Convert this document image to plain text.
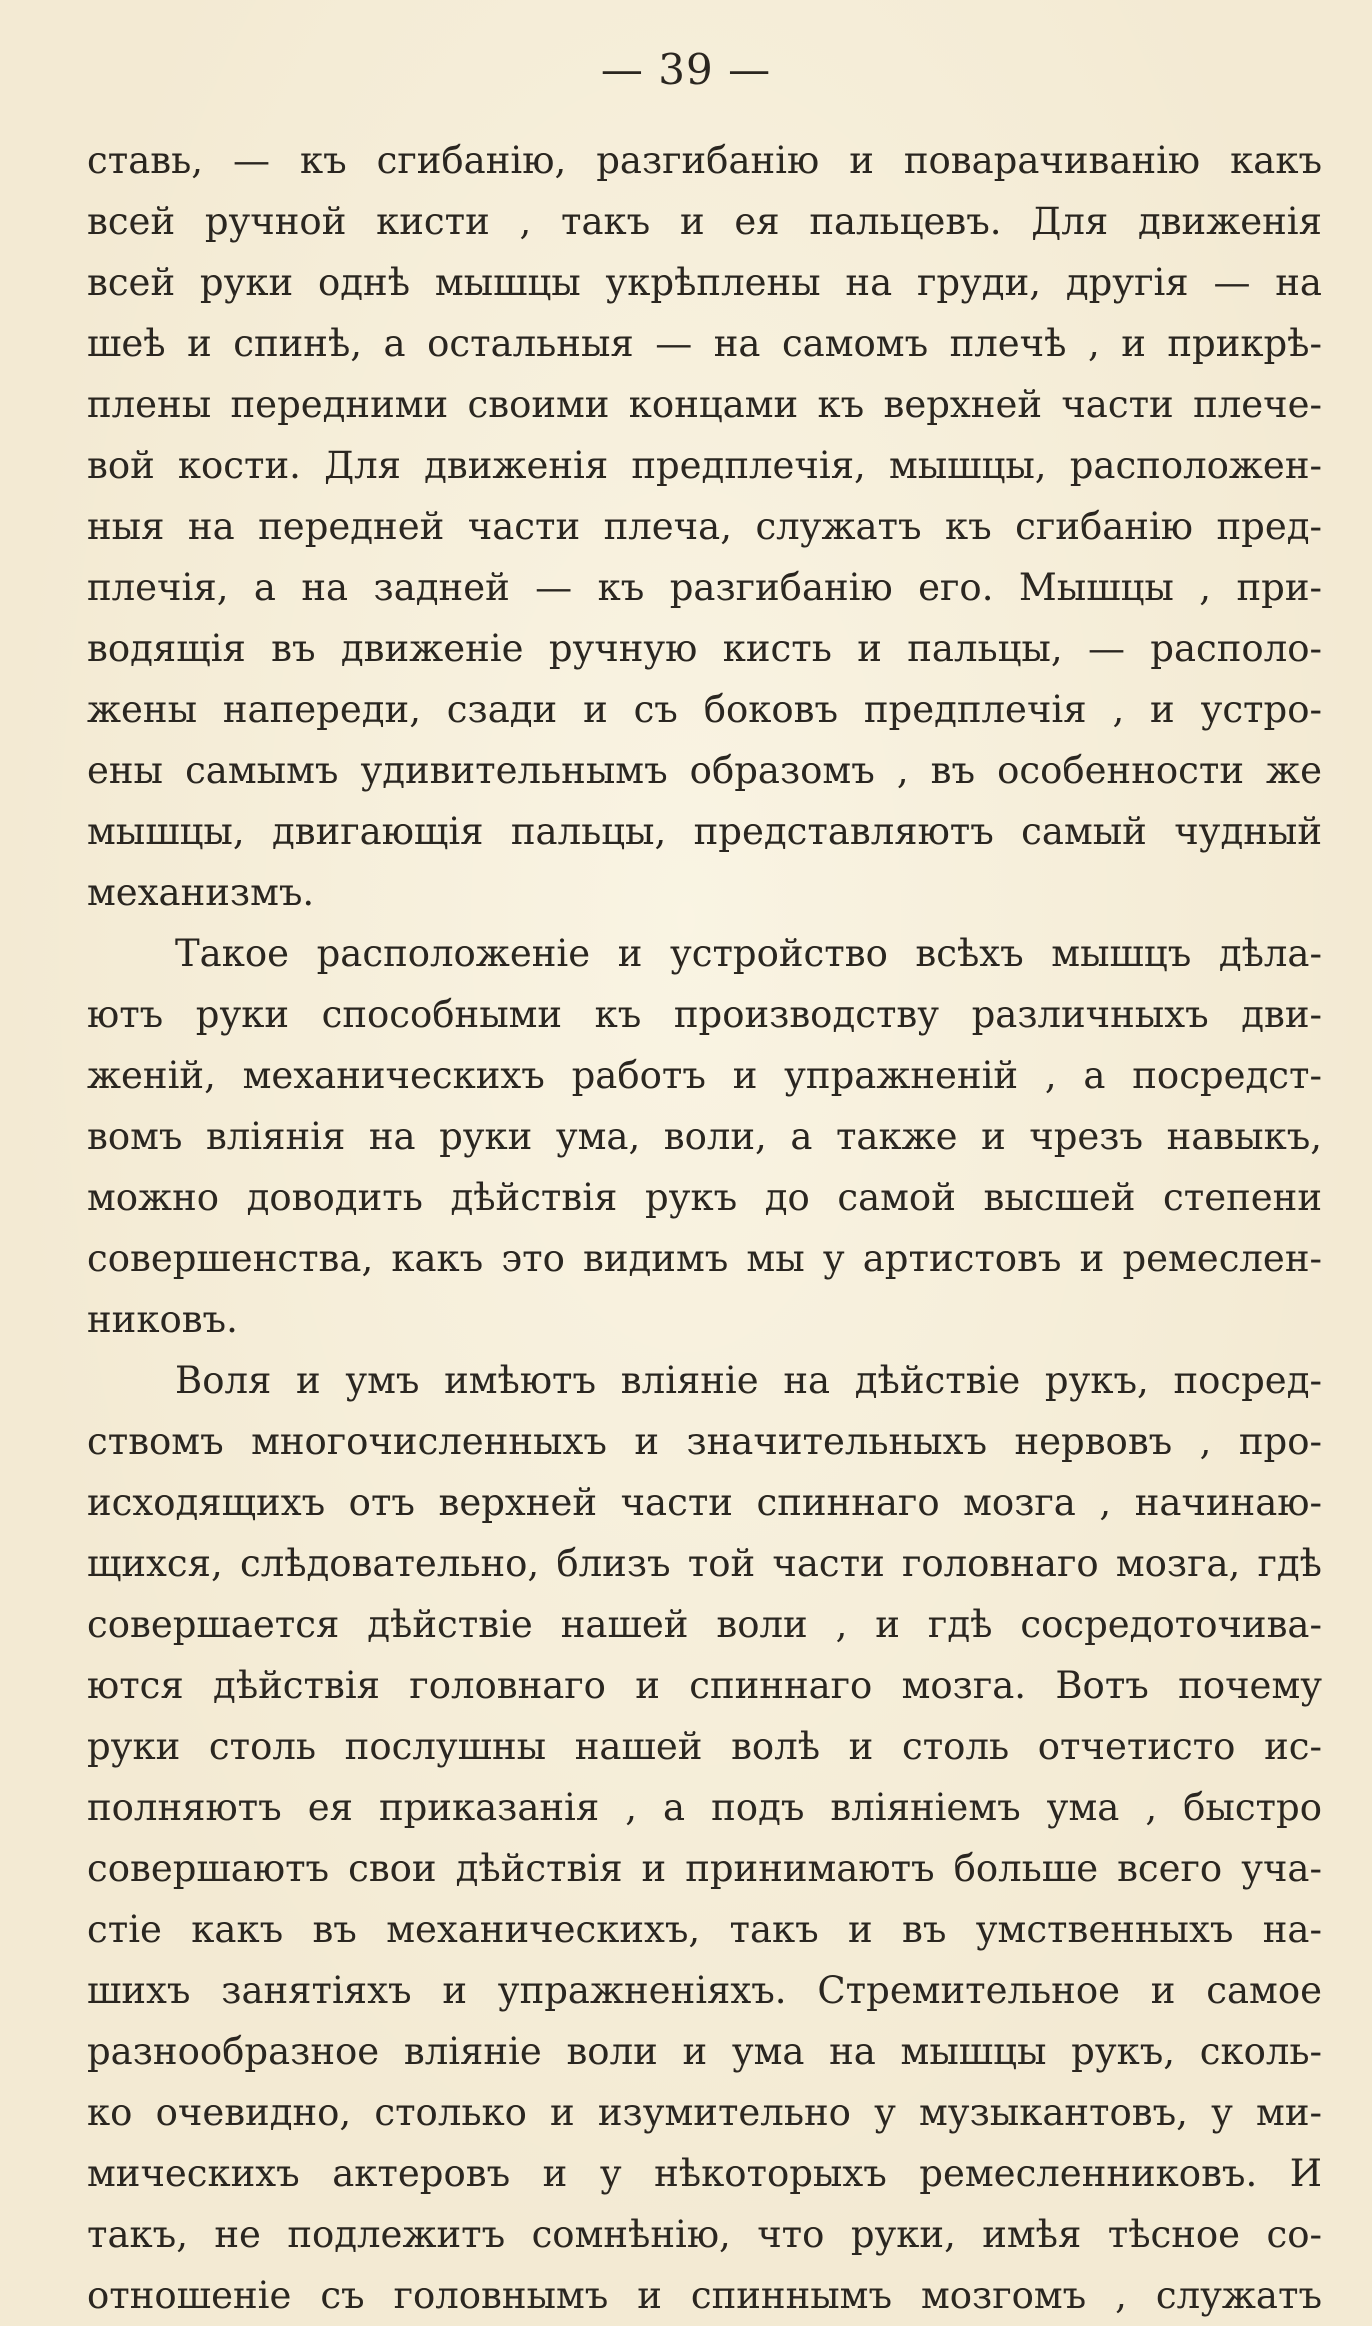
— 39 —
ставь, — къ сгибанію, разгибанію и поварачиванію какъ
всей ручной кисти , такъ и ея пальцевъ. Для движенія
всей руки однѣ мышцы укрѣплены на груди, другія — на
шеѣ и спинѣ, а остальныя — на самомъ плечѣ , и прикрѣ-
плены передними своими концами къ верхней части плече-
вой кости. Для движенія предплечія, мышцы, расположен-
ныя на передней части плеча, служатъ къ сгибанію пред-
плечія, а на задней — къ разгибанію его. Мышцы , при-
водящія въ движеніе ручную кисть и пальцы, — располо-
жены напереди, сзади и съ боковъ предплечія , и устро-
ены самымъ удивительнымъ образомъ , въ особенности же
мышцы, двигающія пальцы, представляютъ самый чудный
механизмъ.
Такое расположеніе и устройство всѣхъ мышцъ дѣла-
ютъ руки способными къ производству различныхъ дви-
женій, механическихъ работъ и упражненій , а посредст-
вомъ вліянія на руки ума, воли, а также и чрезъ навыкъ,
можно доводить дѣйствія рукъ до самой высшей степени
совершенства, какъ это видимъ мы у артистовъ и ремеслен-
никовъ.
Воля и умъ имѣютъ вліяніе на дѣйствіе рукъ, посред-
ствомъ многочисленныхъ и значительныхъ нервовъ , про-
исходящихъ отъ верхней части спиннаго мозга , начинаю-
щихся, слѣдовательно, близъ той части головнаго мозга, гдѣ
совершается дѣйствіе нашей воли , и гдѣ сосредоточива-
ются дѣйствія головнаго и спиннаго мозга. Вотъ почему
руки столь послушны нашей волѣ и столь отчетисто ис-
полняютъ ея приказанія , а подъ вліяніемъ ума , быстро
совершаютъ свои дѣйствія и принимаютъ больше всего уча-
стіе какъ въ механическихъ, такъ и въ умственныхъ на-
шихъ занятіяхъ и упражненіяхъ. Стремительное и самое
разнообразное вліяніе воли и ума на мышцы рукъ, сколь-
ко очевидно, столько и изумительно у музыкантовъ, у ми-
мическихъ актеровъ и у нѣкоторыхъ ремесленниковъ. И
такъ, не подлежитъ сомнѣнію, что руки, имѣя тѣсное со-
отношеніе съ головнымъ и спиннымъ мозгомъ , служатъ
